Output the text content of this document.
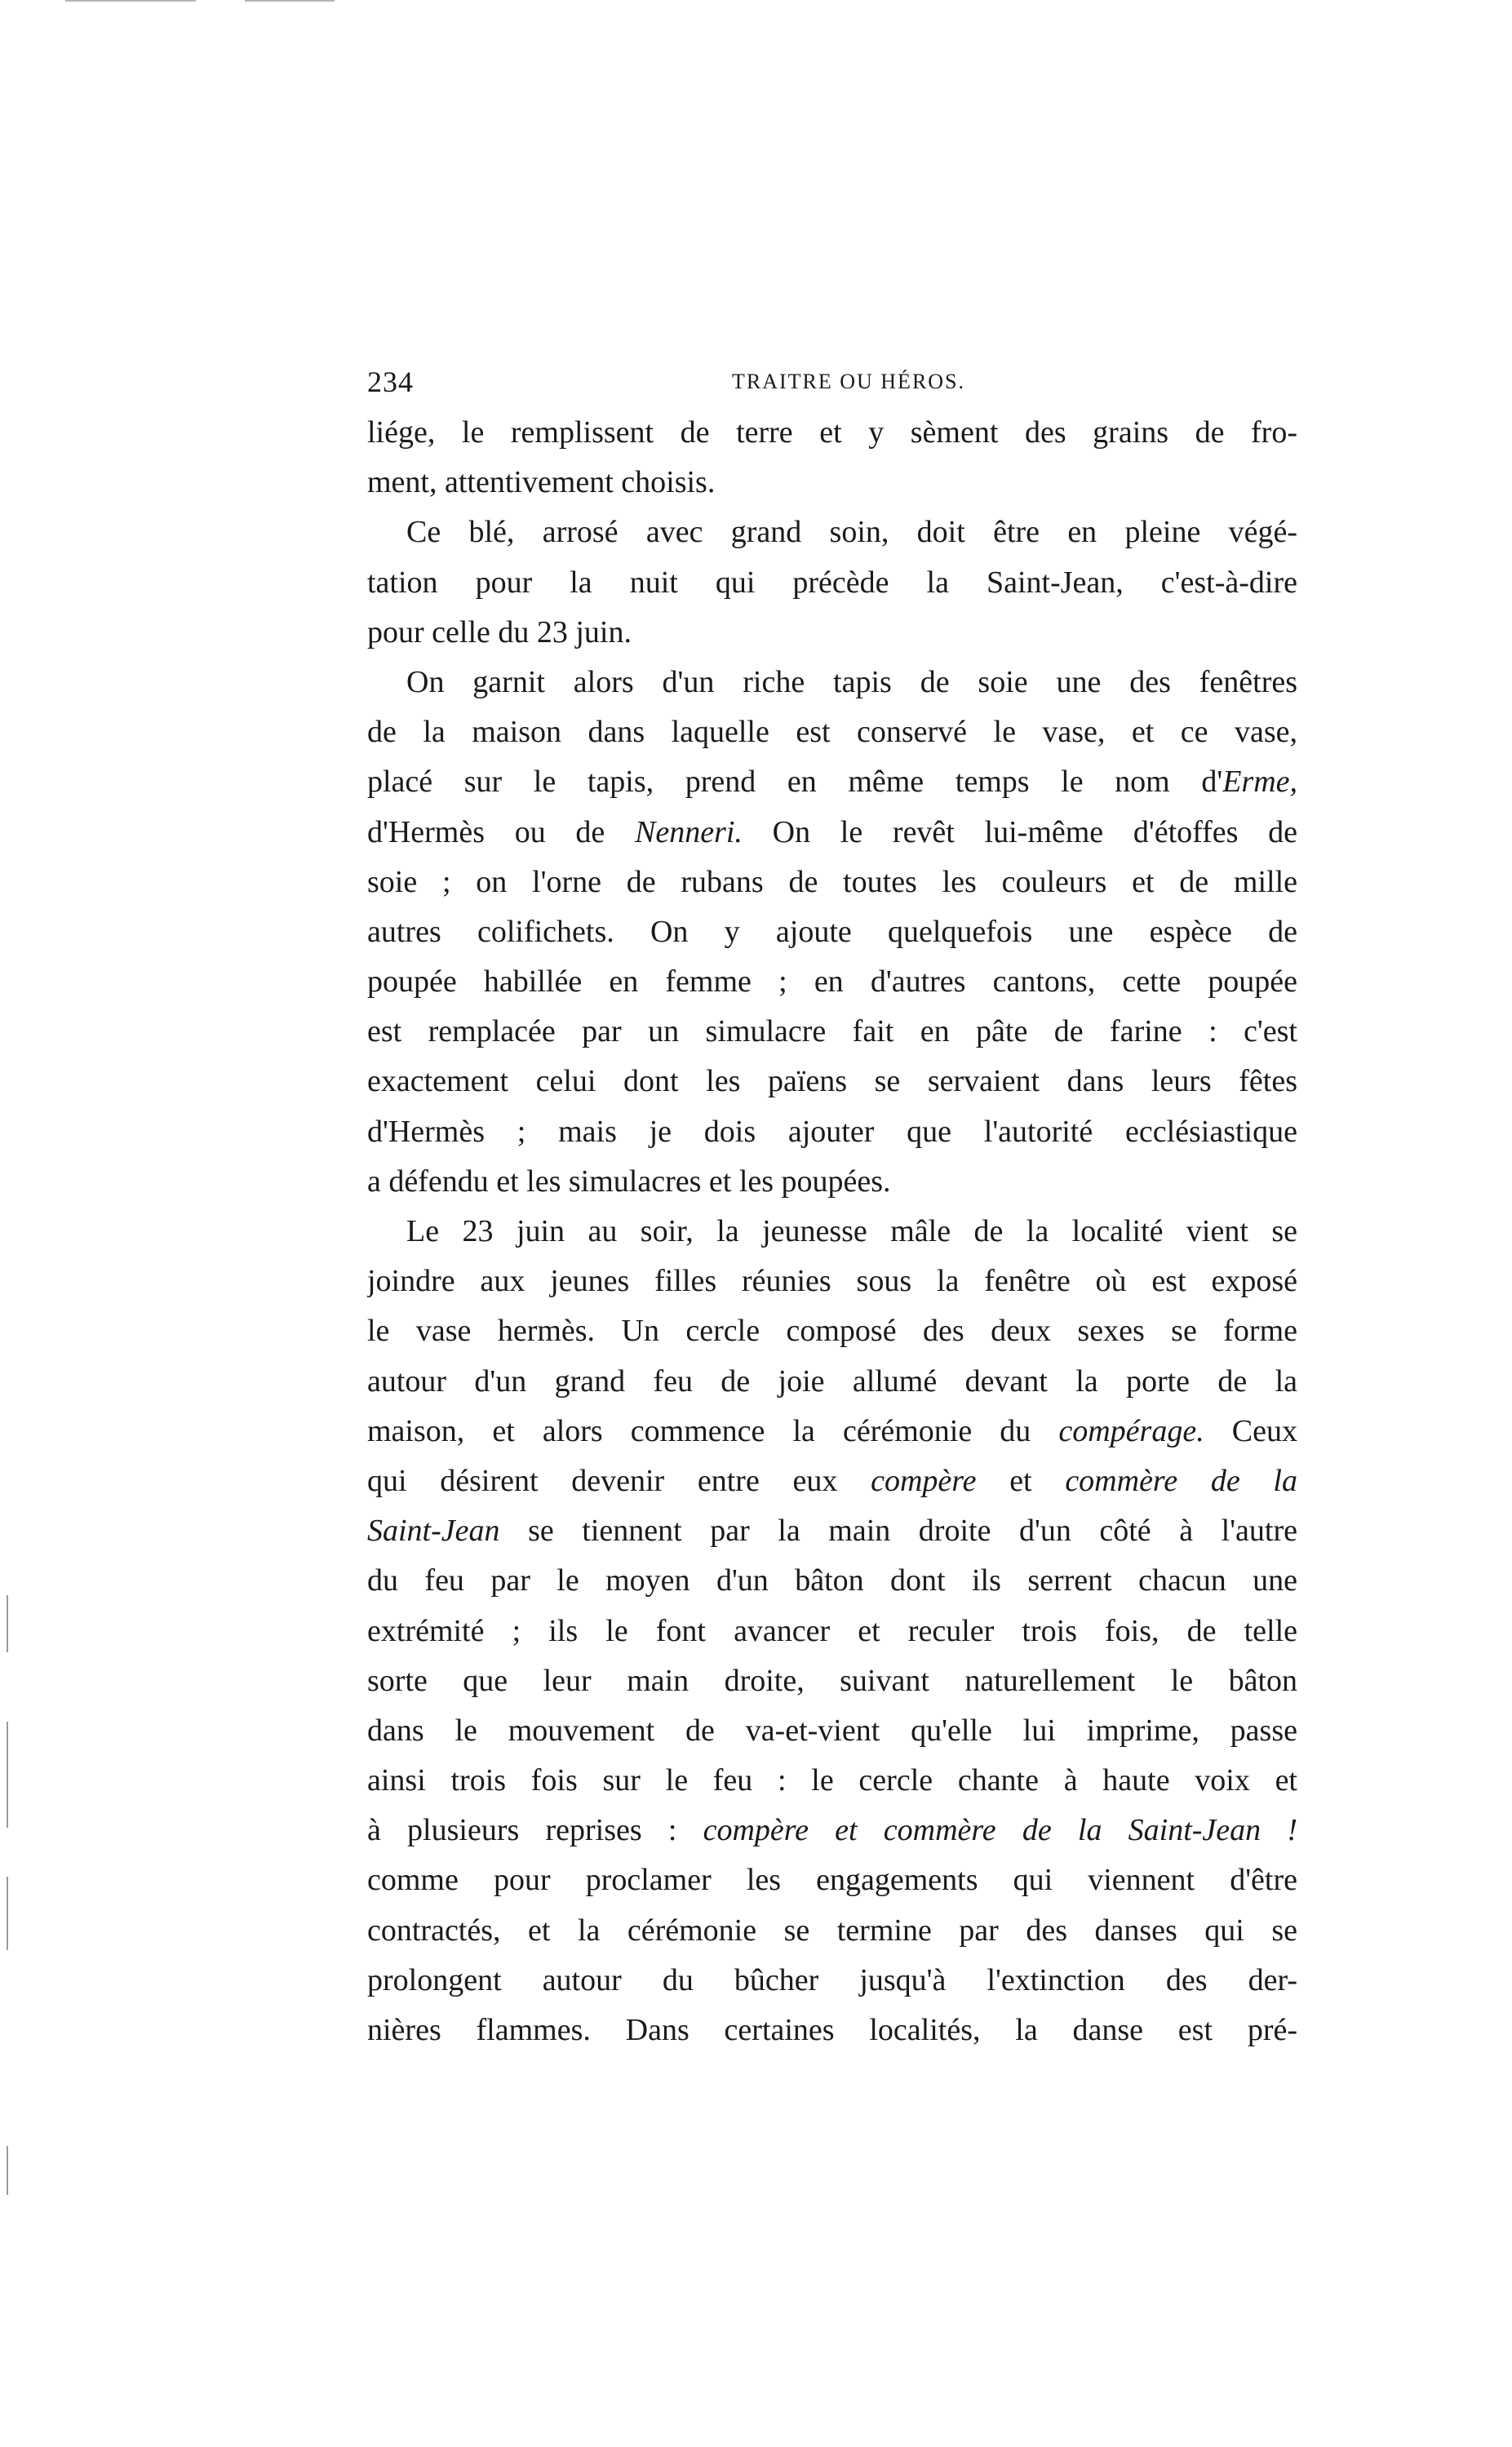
234	TRAITRE OU HÉROS.
liége, le remplissent de terre et y sèment des grains de fro-
ment, attentivement choisis.
Ce blé, arrosé avec grand soin, doit être en pleine végé-
tation pour la nuit qui précède la Saint-Jean, c'est-à-dire
pour celle du 23 juin.
On garnit alors d'un riche tapis de soie une des fenêtres
de la maison dans laquelle est conservé le vase, et ce vase,
placé sur le tapis, prend en même temps le nom d'Erme,
d'Hermès ou de Nenneri. On le revêt lui-même d'étoffes de
soie ; on l'orne de rubans de toutes les couleurs et de mille
autres colifichets. On y ajoute quelquefois une espèce de
poupée habillée en femme ; en d'autres cantons, cette poupée
est remplacée par un simulacre fait en pâte de farine : c'est
exactement celui dont les païens se servaient dans leurs fêtes
d'Hermès ; mais je dois ajouter que l'autorité ecclésiastique
a défendu et les simulacres et les poupées.
Le 23 juin au soir, la jeunesse mâle de la localité vient se
joindre aux jeunes filles réunies sous la fenêtre où est exposé
le vase hermès. Un cercle composé des deux sexes se forme
autour d'un grand feu de joie allumé devant la porte de la
maison, et alors commence la cérémonie du compérage. Ceux
qui désirent devenir entre eux compère et commère de la
Saint-Jean se tiennent par la main droite d'un côté à l'autre
du feu par le moyen d'un bâton dont ils serrent chacun une
extrémité ; ils le font avancer et reculer trois fois, de telle
sorte que leur main droite, suivant naturellement le bâton
dans le mouvement de va-et-vient qu'elle lui imprime, passe
ainsi trois fois sur le feu : le cercle chante à haute voix et
à plusieurs reprises : compère et commère de la Saint-Jean !
comme pour proclamer les engagements qui viennent d'être
contractés, et la cérémonie se termine par des danses qui se
prolongent autour du bûcher jusqu'à l'extinction des der-
nières flammes. Dans certaines localités, la danse est pré-
